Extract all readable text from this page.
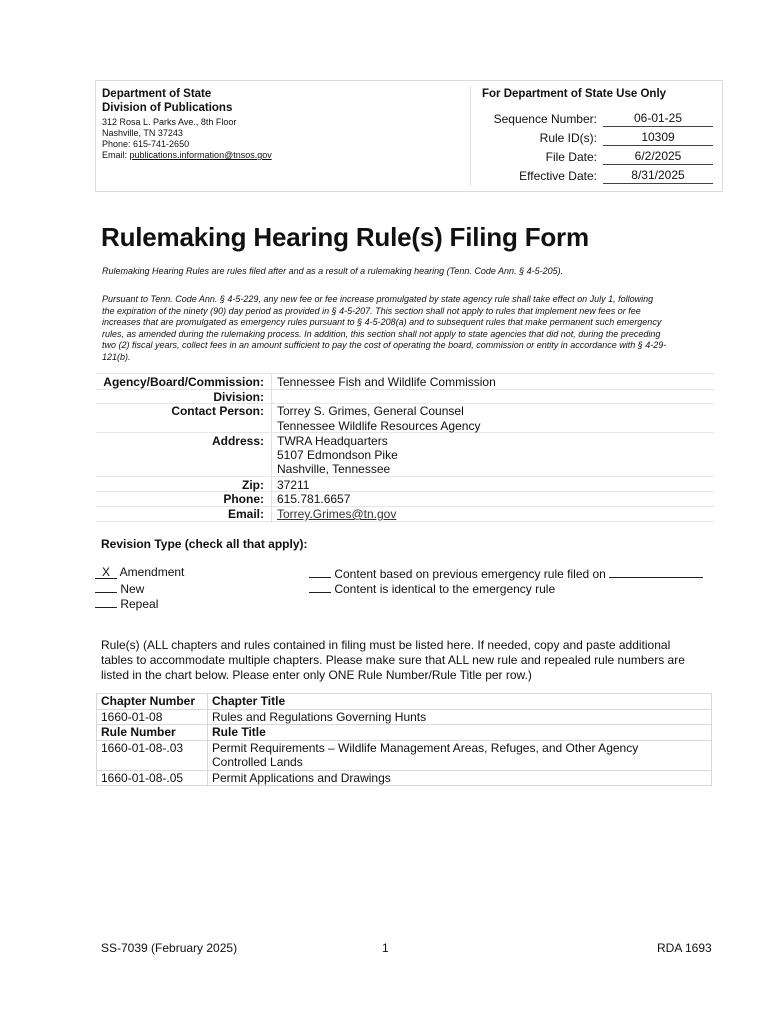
Department of State
Division of Publications
312 Rosa L. Parks Ave., 8th Floor
Nashville, TN 37243
Phone: 615-741-2650
Email: publications.information@tnsos.gov
For Department of State Use Only
Sequence Number:	06-01-25
Rule ID(s):	10309
File Date:	6/2/2025
Effective Date:	8/31/2025
Rulemaking Hearing Rule(s) Filing Form
Rulemaking Hearing Rules are rules filed after and as a result of a rulemaking hearing (Tenn. Code Ann. § 4-5-205).
Pursuant to Tenn. Code Ann. § 4-5-229, any new fee or fee increase promulgated by state agency rule shall take effect on July 1, following
the expiration of the ninety (90) day period as provided in § 4-5-207. This section shall not apply to rules that implement new fees or fee
increases that are promulgated as emergency rules pursuant to § 4-5-208(a) and to subsequent rules that make permanent such emergency
rules, as amended during the rulemaking process. In addition, this section shall not apply to state agencies that did not, during the preceding
two (2) fiscal years, collect fees in an amount sufficient to pay the cost of operating the board, commission or entity in accordance with § 4-29-
121(b).
Agency/Board/Commission: Tennessee Fish and Wildlife Commission
Division:
Contact Person: Torrey S. Grimes, General Counsel
Tennessee Wildlife Resources Agency
Address: TWRA Headquarters
5107 Edmondson Pike
Nashville, Tennessee
Zip: 37211
Phone: 615.781.6657
Email: Torrey.Grimes@tn.gov
Revision Type (check all that apply):
X Amendment
New
Repeal
Content based on previous emergency rule filed on
Content is identical to the emergency rule
Rule(s) (ALL chapters and rules contained in filing must be listed here. If needed, copy and paste additional
tables to accommodate multiple chapters. Please make sure that ALL new rule and repealed rule numbers are
listed in the chart below. Please enter only ONE Rule Number/Rule Title per row.)
Chapter Number	Chapter Title
1660-01-08	Rules and Regulations Governing Hunts
Rule Number	Rule Title
1660-01-08-.03	Permit Requirements – Wildlife Management Areas, Refuges, and Other Agency
Controlled Lands

1660-01-08-.05	Permit Applications and Drawings
SS-7039 (February 2025)	1	RDA 1693
